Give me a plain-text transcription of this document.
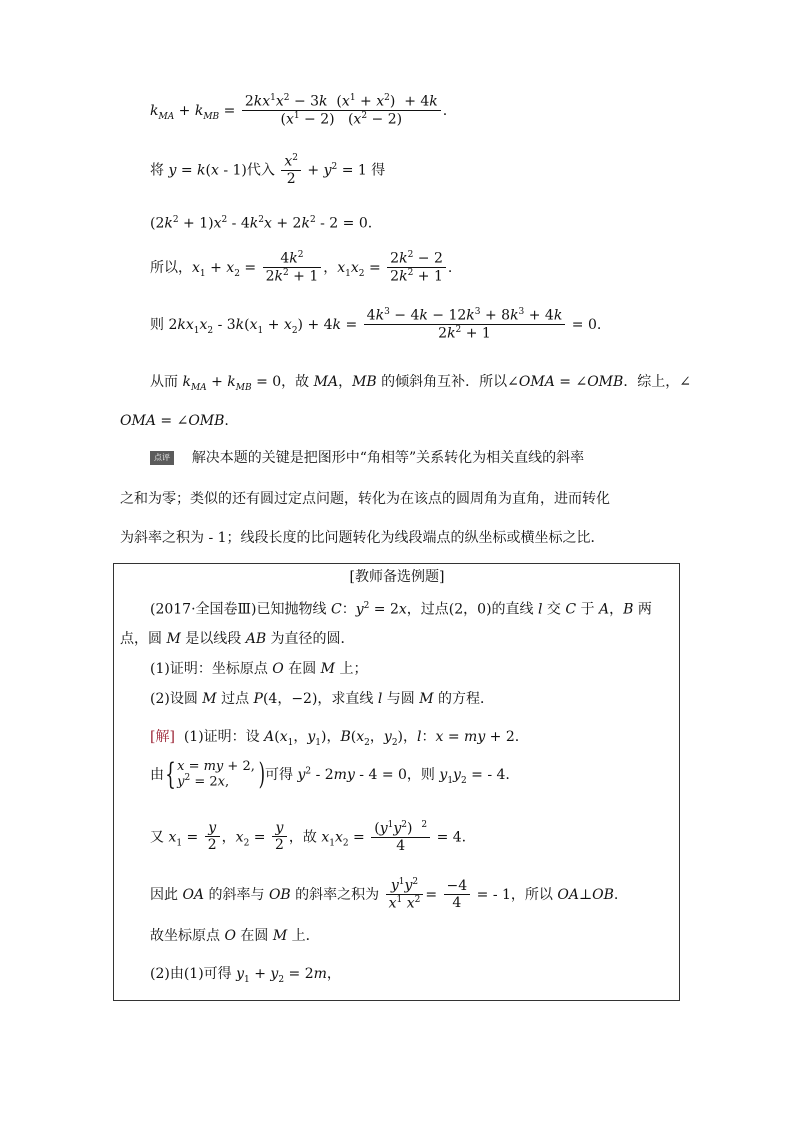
$k_{MA} + k_{MB} = \frac{2kx^1x^2 - 3k (x^1 + x^2) + 4k}{(x^1 - 2) (x^2 - 2)}$ .
将 y = k(x - 1)代入 $\frac{x^2}{2} + y^2 = 1$ 得
$(2k^2 + 1)x^2 - 4k^2x + 2k^2 - 2 = 0$.
所以，$x_1 + x_2 = \frac{4k^2}{2k^2 + 1}$ ，$x_1x_2 = \frac{2k^2 - 2}{2k^2 + 1}$ .
则 $2kx_1x_2 - 3k(x_1 + x_2) + 4k = \frac{4k^3 - 4k - 12k^3 + 8k^3 + 4k}{2k^2 + 1} = 0$.
从而 $k_{MA} + k_{MB} = 0$，故 MA，MB 的倾斜角互补．所以∠OMA = ∠OMB．综上，∠
OMA = ∠OMB.
点评 解决本题的关键是把图形中“角相等”关系转化为相关直线的斜率
之和为零；类似的还有圆过定点问题，转化为在该点的圆周角为直角，进而转化
为斜率之积为 - 1；线段长度的比问题转化为线段端点的纵坐标或横坐标之比．
[教师备选例题]
(2017·全国卷Ⅲ)已知抛物线 C：$y^2 = 2x$，过点(2，0)的直线 l 交 C 于 A，B 两
点，圆 M 是以线段 AB 为直径的圆．
(1)证明：坐标原点 O 在圆 M 上；
(2)设圆 M 过点 P(4，−2)，求直线 l 与圆 M 的方程．
[解]  (1)证明：设 $A(x_1$，$y_1$)，$B(x_2$，$y_2$)，l：x = my + 2.
由{x = my + 2,
$y^2 = 2x$, )可得 $y^2 - 2my - 4 = 0$，则 $y_1y_2$ = - 4.
又 $x_1 = \frac{y}{2}$ ，$x_2 = \frac{y}{2}$ ，故 $x_1x_2 = \frac{(y^1y^2) ^2}{4} = 4$.
因此 OA 的斜率与 OB 的斜率之积为 $\frac{y^1y^2}{x^1 x^2} = \frac{-4}{4}$ = - 1，所以 OA⊥OB.
故坐标原点 O 在圆 M 上．
(2)由(1)可得 $y_1 + y_2 = 2m$，
